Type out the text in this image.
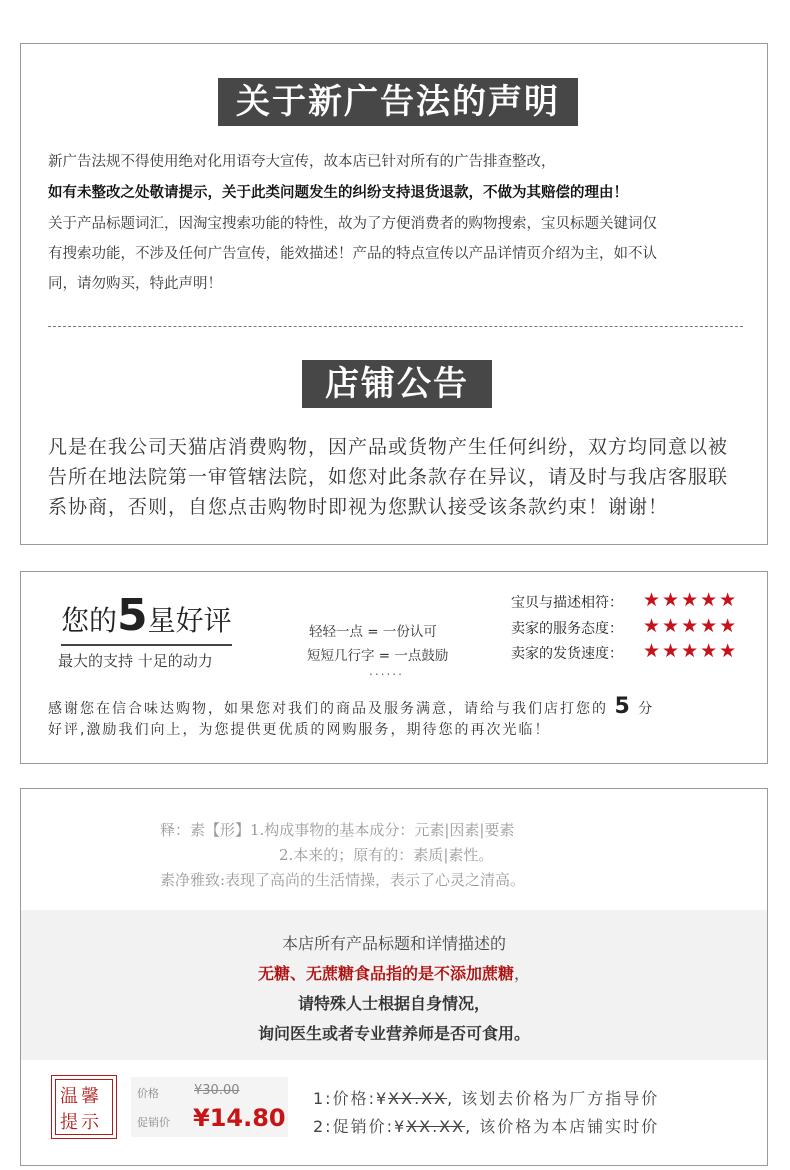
关于新广告法的声明
新广告法规不得使用绝对化用语夸大宣传，故本店已针对所有的广告排查整改，
如有未整改之处敬请提示，关于此类问题发生的纠纷支持退货退款，不做为其赔偿的理由！
关于产品标题词汇，因淘宝搜索功能的特性，故为了方便消费者的购物搜索，宝贝标题关键词仅
有搜索功能，不涉及任何广告宣传，能效描述！产品的特点宣传以产品详情页介绍为主，如不认
同，请勿购买，特此声明！
店铺公告
凡是在我公司天猫店消费购物，因产品或货物产生任何纠纷，双方均同意以被
告所在地法院第一审管辖法院，如您对此条款存在异议，请及时与我店客服联
系协商，否则，自您点击购物时即视为您默认接受该条款约束！谢谢！
您的5星好评
最大的支持 十足的动力
轻轻一点 = 一份认可
短短几行字 = 一点鼓励
......
宝贝与描述相符： ★★★★★
卖家的服务态度： ★★★★★
卖家的发货速度： ★★★★★
感谢您在信合味达购物，如果您对我们的商品及服务满意，请给与我们店打您的 5 分
好评,激励我们向上，为您提供更优质的网购服务，期待您的再次光临！
释：素【形】1.构成事物的基本成分：元素|因素|要素
2.本来的；原有的：素质|素性。
素净雅致:表现了高尚的生活情操，表示了心灵之清高。
本店所有产品标题和详情描述的
无糖、无蔗糖食品指的是不添加蔗糖，
请特殊人士根据自身情况，
询问医生或者专业营养师是否可食用。
温馨
提示
价格	¥30.00
促销价 ¥14.80
1:价格:¥XX.XX, 该划去价格为厂方指导价
2:促销价:¥XX.XX, 该价格为本店铺实时价
